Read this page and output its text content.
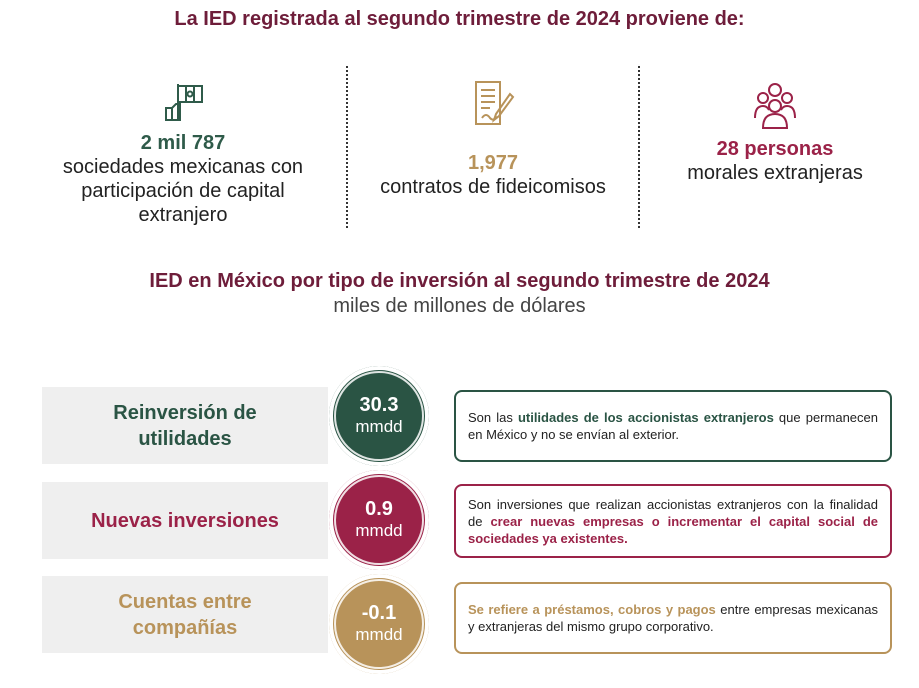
La IED registrada al segundo trimestre de 2024 proviene de:
2 mil 787
sociedades mexicanas con participación de capital extranjero
1,977
contratos de fideicomisos
28 personas
morales extranjeras
IED en México por tipo de inversión al segundo trimestre de 2024
miles de millones de dólares
Reinversión de utilidades
30.3
mmdd	Son las utilidades de los accionistas extranjeros que permanecen en México y no se envían al exterior.
Nuevas inversiones
0.9
mmdd
Son inversiones que realizan accionistas extranjeros con la finalidad de crear nuevas empresas o incrementar el capital social de sociedades ya existentes.
Cuentas entre compañías
-0.1
mmdd
Se refiere a préstamos, cobros y pagos entre empresas mexicanas y extranjeras del mismo grupo corporativo.
